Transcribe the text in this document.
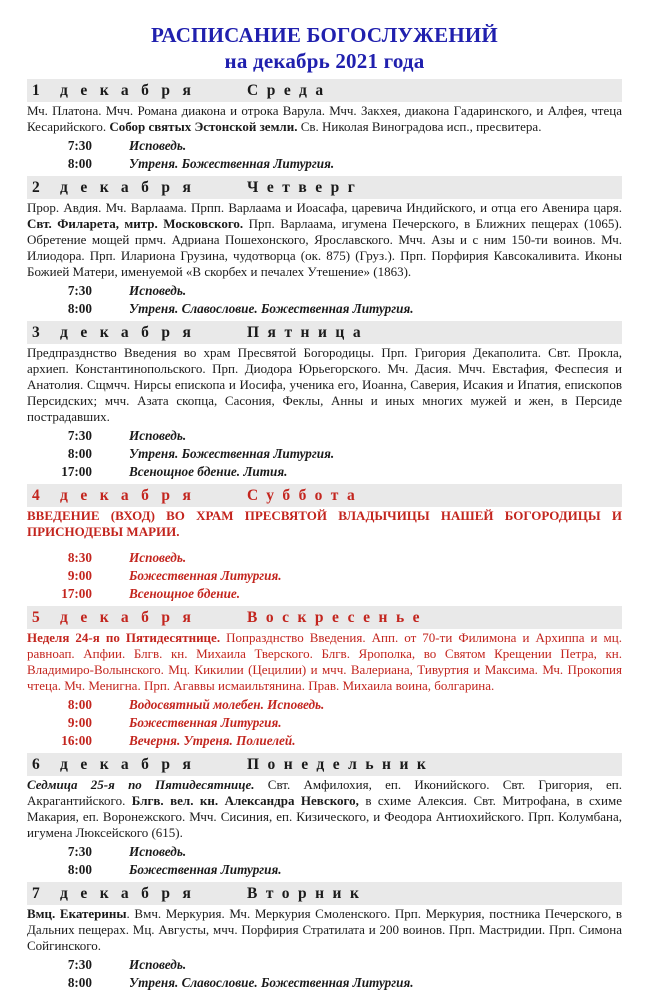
РАСПИСАНИЕ БОГОСЛУЖЕНИЙ
на декабрь 2021 года
1 декабря	Среда

Мч. Платона. Мчч. Романа диакона и отрока Варула. Мчч. Закхея, диакона Гадаринского, и Алфея, чтеца Кесарийского. Собор святых Эстонской земли. Св. Николая Виноградова исп., пресвитера.

7:30	Исповедь.
8:00	Утреня. Божественная Литургия.
2 декабря	Четверг

Прор. Авдия. Мч. Варлаама. Прпп. Варлаама и Иоасафа, царевича Индийского, и отца его Авенира царя. Свт. Филарета, митр. Московского. Прп. Варлаама, игумена Печерского, в Ближних пещерах (1065). Обретение мощей прмч. Адриана Пошехонского, Ярославского. Мчч. Азы и с ним 150-ти воинов. Мч. Илиодора. Прп. Илариона Грузина, чудотворца (ок. 875) (Груз.). Прп. Порфирия Кавсокаливита. Иконы Божией Матери, именуемой «В скорбех и печалех Утешение» (1863).

7:30	Исповедь.
8:00	Утреня. Славословие. Божественная Литургия.
3 декабря	Пятница

Предпразднство Введения во храм Пресвятой Богородицы. Прп. Григория Декаполита. Свт. Прокла, архиеп. Константинопольского. Прп. Диодора Юрьегорского. Мч. Дасия. Мчч. Евстафия, Феспесия и Анатолия. Сщмчч. Нирсы епископа и Иосифа, ученика его, Иоанна, Саверия, Исакия и Ипатия, епископов Персидских; мчч. Азата скопца, Сасония, Феклы, Анны и иных многих мужей и жен, в Персиде пострадавших.

7:30	Исповедь.
8:00	Утреня. Божественная Литургия.
17:00	Всенощное бдение. Лития.
4 декабря	Суббота

ВВЕДЕНИЕ (ВХОД) ВО ХРАМ ПРЕСВЯТОЙ ВЛАДЫЧИЦЫ НАШЕЙ БОГОРОДИЦЫ И ПРИСНОДЕВЫ МАРИИ.

8:30	Исповедь.
9:00	Божественная Литургия.
17:00	Всенощное бдение.
5 декабря	Воскресенье

Неделя 24-я по Пятидесятнице. Попразднство Введения. Апп. от 70-ти Филимона и Архиппа и мц. равноап. Апфии. Блгв. кн. Михаила Тверского. Блгв. Ярополка, во Святом Крещении Петра, кн. Владимиро-Волынского. Мц. Кикилии (Цецилии) и мчч. Валериана, Тивуртия и Максима. Мч. Прокопия чтеца. Мч. Менигна. Прп. Агаввы исмаильтянина. Прав. Михаила воина, болгарина.

8:00	Водосвятный молебен. Исповедь.
9:00	Божественная Литургия.
16:00	Вечерня. Утреня. Полиелей.
6 декабря	Понедельник

Седмица 25-я по Пятидесятнице. Свт. Амфилохия, еп. Иконийского. Свт. Григория, еп. Акрагантийского. Блгв. вел. кн. Александра Невского, в схиме Алексия. Свт. Митрофана, в схиме Макария, еп. Воронежского. Мчч. Сисиния, еп. Кизического, и Феодора Антиохийского. Прп. Колумбана, игумена Люксейского (615).

7:30	Исповедь.
8:00	Божественная Литургия.
7 декабря	Вторник

Вмц. Екатерины. Вмч. Меркурия. Мч. Меркурия Смоленского. Прп. Меркурия, постника Печерского, в Дальних пещерах. Мц. Августы, мчч. Порфирия Стратилата и 200 воинов. Прп. Мастридии. Прп. Симона Сойгинского.

7:30	Исповедь.
8:00	Утреня. Славословие. Божественная Литургия.
